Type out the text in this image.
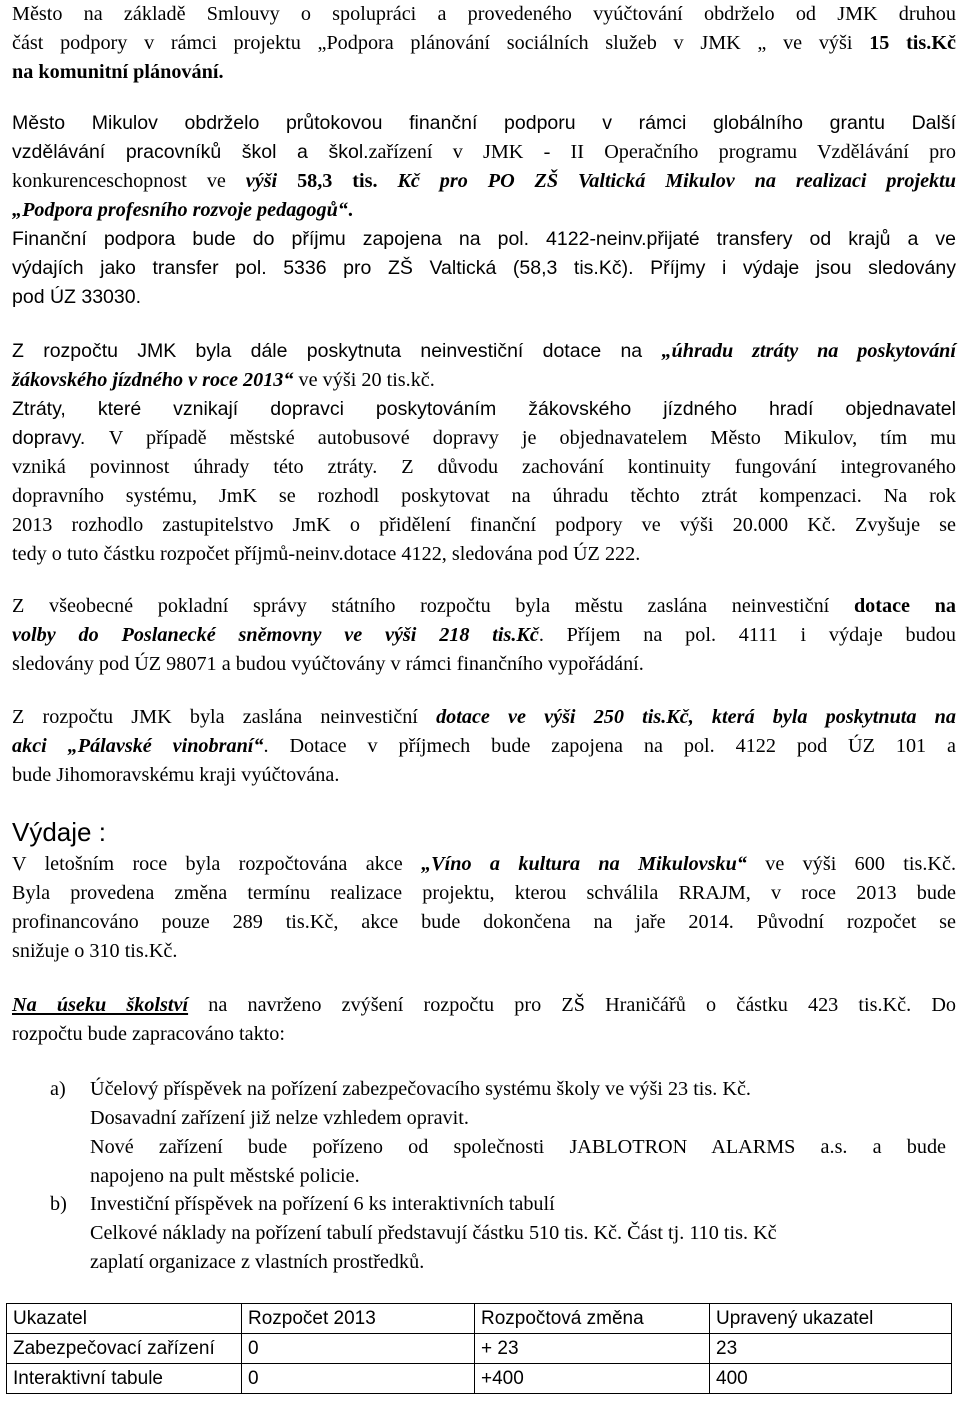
Město na základě Smlouvy o spolupráci a provedeného vyúčtování obdrželo od JMK druhou
část podpory v rámci projektu „Podpora plánování sociálních služeb v JMK „ ve výši 15 tis.Kč
na komunitní plánování.
Město Mikulov obdrželo průtokovou finanční podporu v rámci globálního grantu Další
vzdělávání pracovníků škol a škol.zařízení v JMK - II Operačního programu Vzdělávání pro
konkurenceschopnost ve výši 58,3 tis. Kč pro PO ZŠ Valtická Mikulov na realizaci projektu
„Podpora profesního rozvoje pedagogů“.
Finanční podpora bude do příjmu zapojena na pol. 4122-neinv.přijaté transfery od krajů a ve
výdajích jako transfer pol. 5336 pro ZŠ Valtická (58,3 tis.Kč). Příjmy i výdaje jsou sledovány
pod ÚZ 33030.
Z rozpočtu JMK byla dále poskytnuta neinvestiční dotace na „úhradu ztráty na poskytování
žákovského jízdného v roce 2013“ ve výši 20 tis.kč.
Ztráty, které vznikají dopravci poskytováním žákovského jízdného hradí objednavatel
dopravy. V případě městské autobusové dopravy je objednavatelem Město Mikulov, tím mu
vzniká povinnost úhrady této ztráty. Z důvodu zachování kontinuity fungování integrovaného
dopravního systému, JmK se rozhodl poskytovat na úhradu těchto ztrát kompenzaci. Na rok
2013 rozhodlo zastupitelstvo JmK o přidělení finanční podpory ve výši 20.000 Kč. Zvyšuje se
tedy o tuto částku rozpočet příjmů-neinv.dotace 4122, sledována pod ÚZ 222.
Z všeobecné pokladní správy státního rozpočtu byla městu zaslána neinvestiční dotace na
volby do Poslanecké sněmovny ve výši 218 tis.Kč. Příjem na pol. 4111 i výdaje budou
sledovány pod ÚZ 98071 a budou vyúčtovány v rámci finančního vypořádání.
Z rozpočtu JMK byla zaslána neinvestiční dotace ve výši 250 tis.Kč, která byla poskytnuta na
akci „Pálavské vinobraní“. Dotace v příjmech bude zapojena na pol. 4122 pod ÚZ 101 a
bude Jihomoravskému kraji vyúčtována.
Výdaje :
V letošním roce byla rozpočtována akce „Víno a kultura na Mikulovsku“ ve výši 600 tis.Kč.
Byla provedena změna termínu realizace projektu, kterou schválila RRAJM, v roce 2013 bude
profinancováno pouze 289 tis.Kč, akce bude dokončena na jaře 2014. Původní rozpočet se
snižuje o 310 tis.Kč.
Na úseku školství na navrženo zvýšení rozpočtu pro ZŠ Hraničářů o částku 423 tis.Kč. Do
rozpočtu bude zapracováno takto:
a)	Účelový příspěvek na pořízení zabezpečovacího systému školy ve výši 23 tis. Kč.
Dosavadní zařízení již nelze vzhledem opravit.
Nové zařízení bude pořízeno od společnosti JABLOTRON ALARMS a.s. a bude
napojeno na pult městské policie.
b)	Investiční příspěvek na pořízení 6 ks interaktivních tabulí
Celkové náklady na pořízení tabulí představují částku 510 tis. Kč. Část tj. 110 tis. Kč
zaplatí organizace z vlastních prostředků.
Ukazatel	Rozpočet 2013	Rozpočtová změna	Upravený ukazatel
Zabezpečovací zařízení	0	+ 23	23
Interaktivní tabule	0	+400	400
